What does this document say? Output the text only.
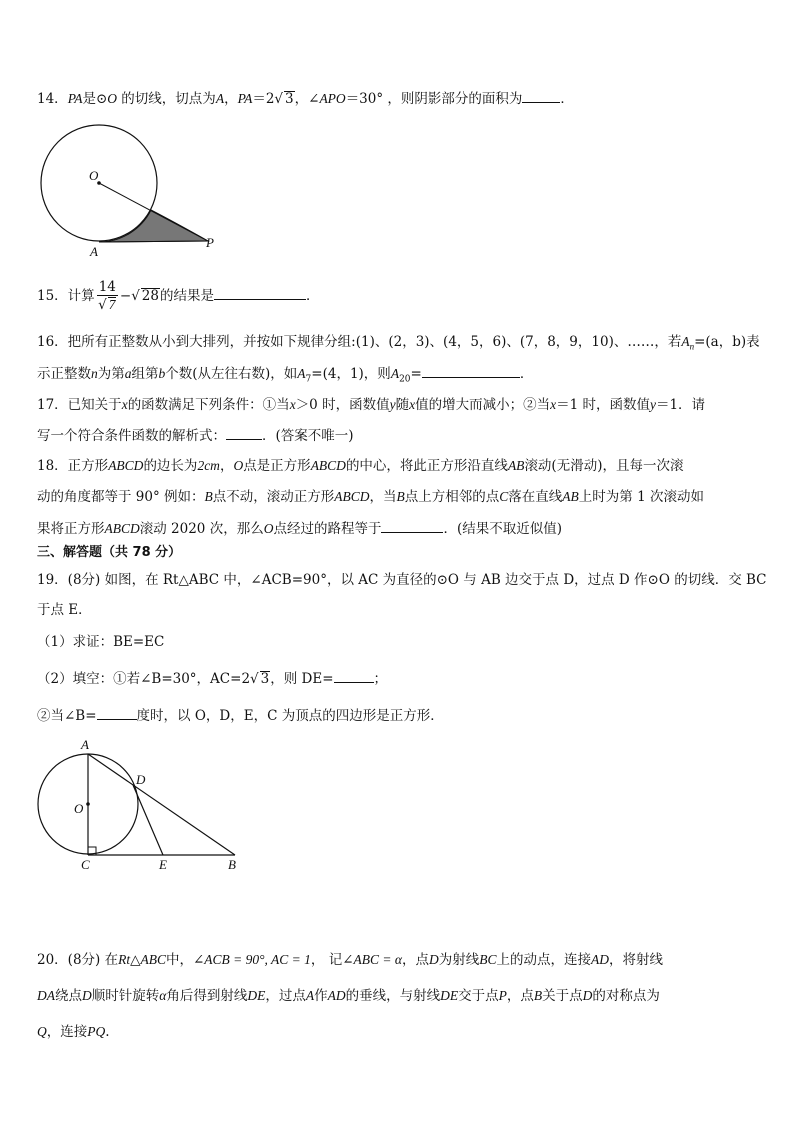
14．PA是⊙O 的切线，切点为A，PA＝2√ 3，∠APO＝30° ，则阴影部分的面积为	．
O
A
P
15．计算 $\frac{14}{√ 7}$ −√ 28的结果是	．
16．把所有正整数从小到大排列，并按如下规律分组:(1)、(2，3)、(4，5，6)、(7，8，9，10)、……，若$A_n=(a$，b)表
示正整数n为第a组第b个数(从左往右数)，如$A_7=(4$，1)，则$A_{20}=$	．
17．已知关于x的函数满足下列条件：①当x＞0 时，函数值y随x值的增大而减小；②当x＝1 时，函数值y＝1．请
写一个符合条件函数的解析式：	．(答案不唯一)
18．正方形ABCD的边长为2cm，O点是正方形ABCD的中心，将此正方形沿直线AB滚动(无滑动)，且每一次滚
动的角度都等于 90° 例如：B点不动，滚动正方形ABCD，当B点上方相邻的点C落在直线AB上时为第 1 次滚动如
果将正方形ABCD滚动 2020 次，那么O点经过的路程等于	．(结果不取近似值)
三、解答题（共 78 分）
19．(8分) 如图，在 Rt△ABC 中，∠ACB=90°，以 AC 为直径的⊙O 与 AB 边交于点 D，过点 D 作⊙O 的切线．交 BC
于点 E．
（1）求证：BE=EC
（2）填空：①若∠B=30°，AC=2√ 3，则 DE=	；
②当∠B=	度时，以 O，D，E，C 为顶点的四边形是正方形．
A
D
O
C	E	B
20．(8分) 在Rt△ABC中，∠ACB = 90°, AC = 1， 记∠ABC = α，点D为射线BC上的动点，连接AD，将射线
DA绕点D顺时针旋转α角后得到射线DE，过点A作AD的垂线，与射线DE交于点P，点B关于点D的对称点为
Q，连接PQ.
